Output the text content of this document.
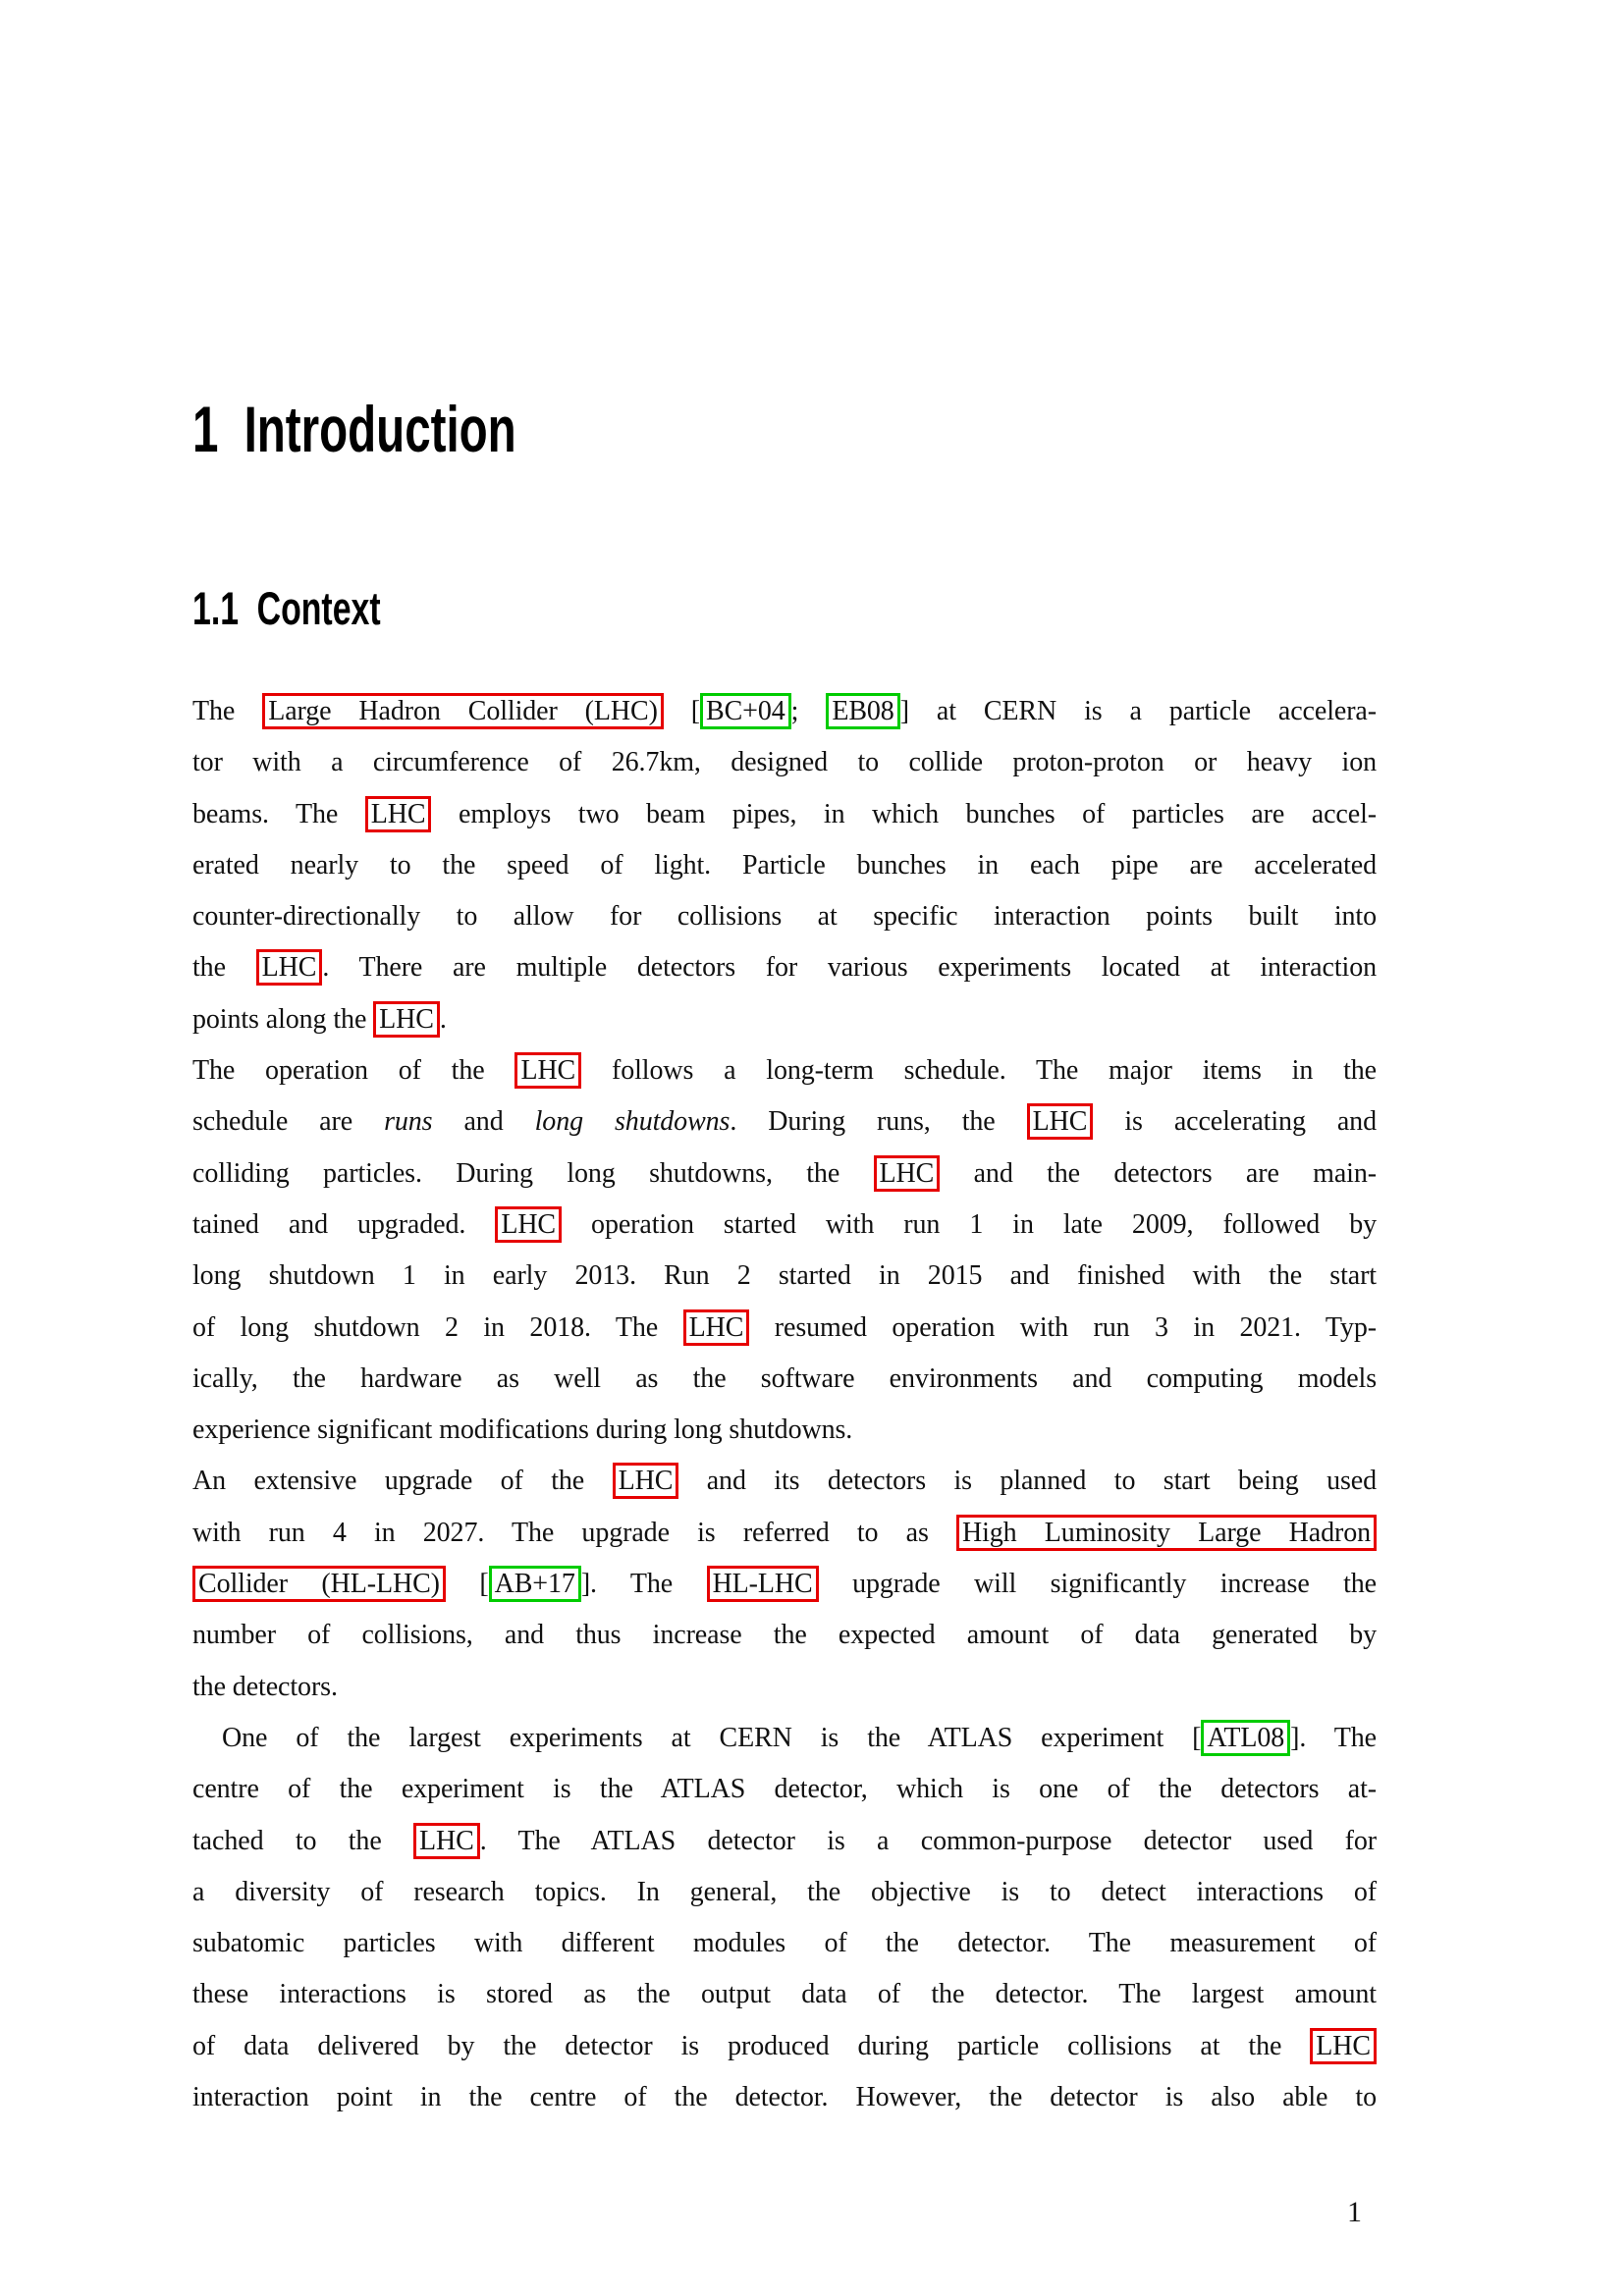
1 Introduction
1.1 Context
The Large Hadron Collider (LHC) [ BC+04 ; EB08 ] at CERN is a particle accelera-
tor with a circumference of 26.7km, designed to collide proton-proton or heavy ion
beams. The LHC employs two beam pipes, in which bunches of particles are accel-
erated nearly to the speed of light. Particle bunches in each pipe are accelerated
counter-directionally to allow for collisions at specific interaction points built into
the LHC . There are multiple detectors for various experiments located at interaction
points along the LHC .
The operation of the LHC follows a long-term schedule. The major items in the
schedule are runs and long shutdowns. During runs, the LHC is accelerating and
colliding particles. During long shutdowns, the LHC and the detectors are main-
tained and upgraded. LHC operation started with run 1 in late 2009, followed by
long shutdown 1 in early 2013. Run 2 started in 2015 and finished with the start
of long shutdown 2 in 2018. The LHC resumed operation with run 3 in 2021. Typ-
ically, the hardware as well as the software environments and computing models
experience significant modifications during long shutdowns.
An extensive upgrade of the LHC and its detectors is planned to start being used
with run 4 in 2027. The upgrade is referred to as High Luminosity Large Hadron
Collider (HL-LHC) [ AB+17 ]. The HL-LHC upgrade will significantly increase the
number of collisions, and thus increase the expected amount of data generated by
the detectors.
One of the largest experiments at CERN is the ATLAS experiment [ ATL08 ]. The
centre of the experiment is the ATLAS detector, which is one of the detectors at-
tached to the LHC . The ATLAS detector is a common-purpose detector used for
a diversity of research topics. In general, the objective is to detect interactions of
subatomic particles with different modules of the detector. The measurement of
these interactions is stored as the output data of the detector. The largest amount
of data delivered by the detector is produced during particle collisions at the LHC
interaction point in the centre of the detector. However, the detector is also able to
1
